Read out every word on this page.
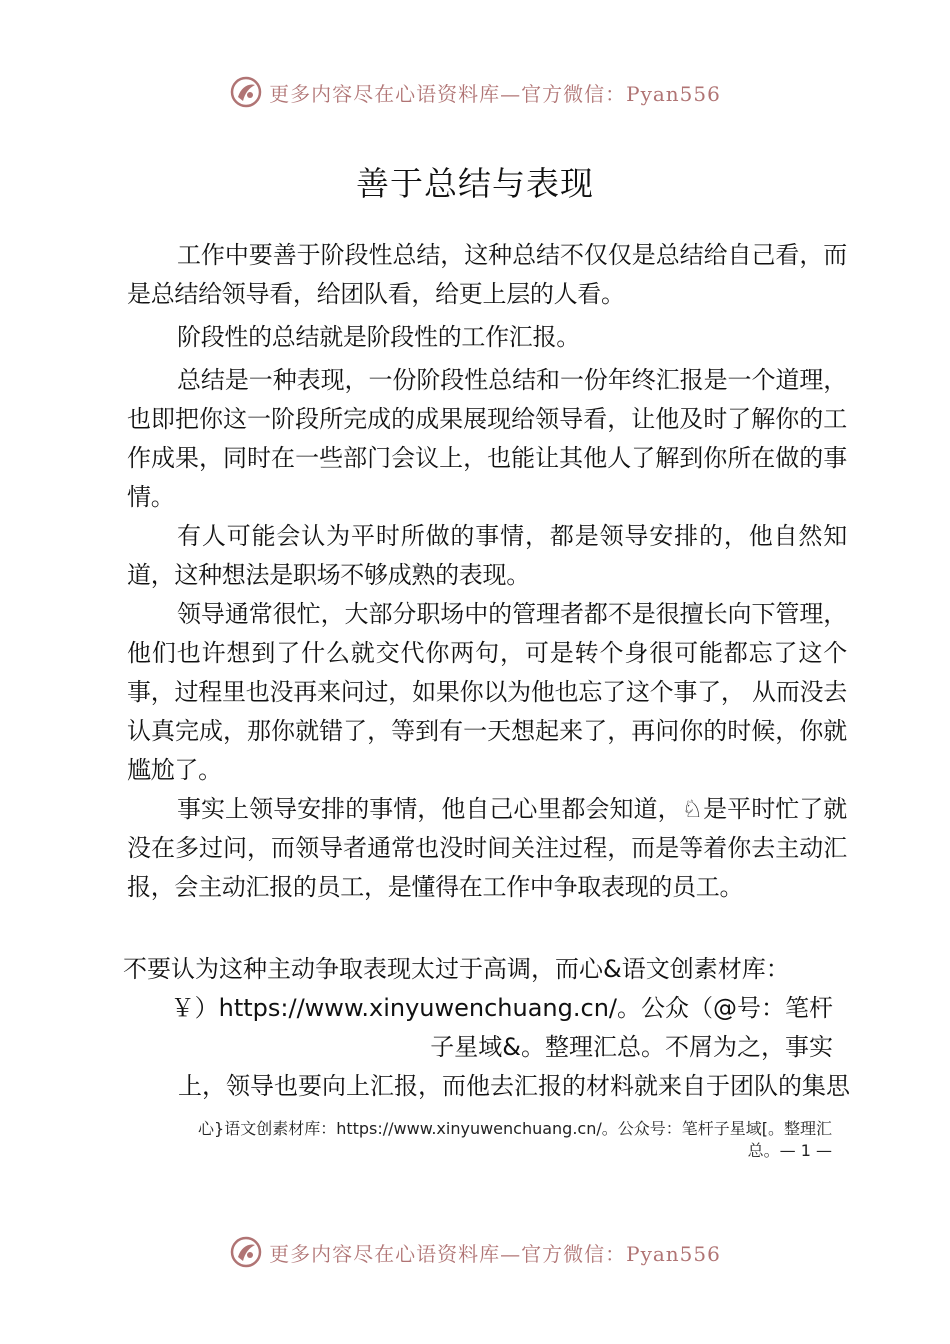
更多内容尽在心语资料库—官方微信：Pyan556
善于总结与表现

工作中要善于阶段性总结，这种总结不仅仅是总结给自己看，而是总结给领导看，给团队看，给更上层的人看。

阶段性的总结就是阶段性的工作汇报。

总结是一种表现，一份阶段性总结和一份年终汇报是一个道理，也即把你这一阶段所完成的成果展现给领导看，让他及时了解你的工作成果，同时在一些部门会议上，也能让其他人了解到你所在做的事情。

有人可能会认为平时所做的事情，都是领导安排的，他自然知道，这种想法是职场不够成熟的表现。

领导通常很忙，大部分职场中的管理者都不是很擅长向下管理，他们也许想到了什么就交代你两句，可是转个身很可能都忘了这个事，过程里也没再来问过，如果你以为他也忘了这个事了， 从而没去认真完成，那你就错了，等到有一天想起来了，再问你的时候，你就尴尬了。

事实上领导安排的事情，他自己心里都会知道，♘是平时忙了就没在多过问，而领导者通常也没时间关注过程，而是等着你去主动汇报，会主动汇报的员工，是懂得在工作中争取表现的员工。

不要认为这种主动争取表现太过于高调，而心&语文创素材库：
￥）https://www.xinyuwenchuang.cn/。公众（@号：笔杆
子星域&。整理汇总。不屑为之，事实
上，领导也要向上汇报，而他去汇报的材料就来自于团队的集思
心}语文创素材库：https://www.xinyuwenchuang.cn/。公众号：笔杆子星域[。整理汇
总。— 1 —
更多内容尽在心语资料库—官方微信：Pyan556
